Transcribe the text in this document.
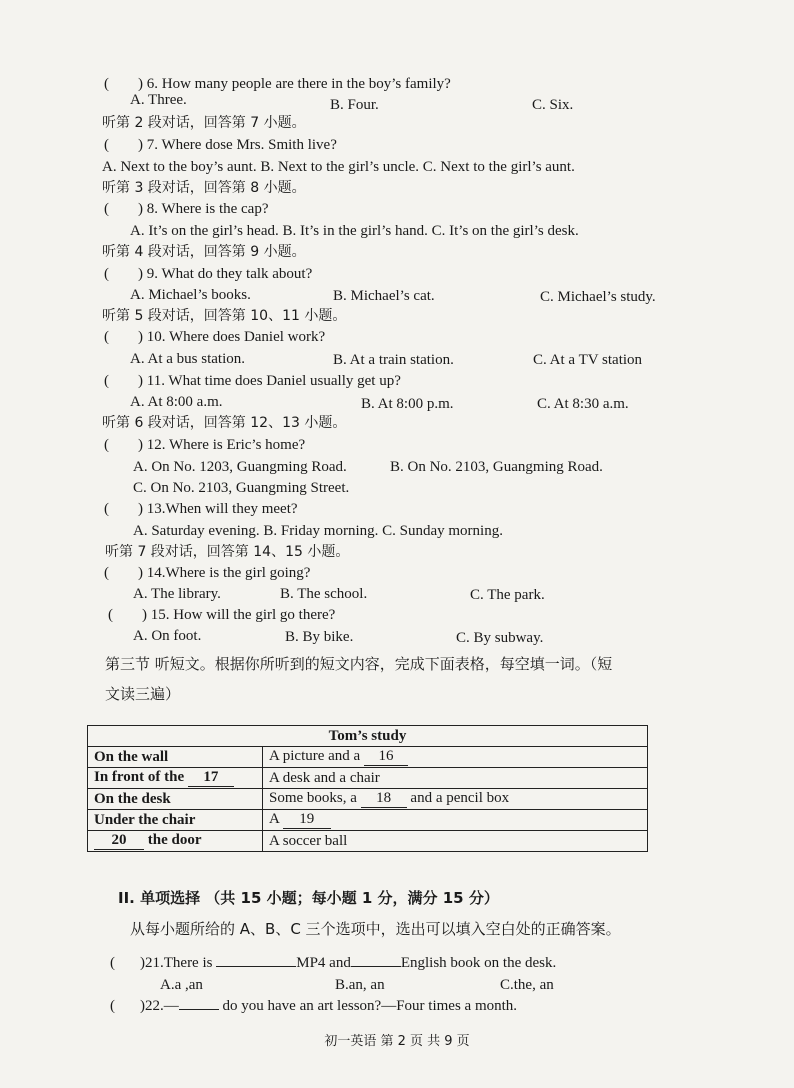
( ) 6. How many people are there in the boy’s family?
A. Three.	B. Four.	C. Six.
听第 2 段对话，回答第 7 小题。
( ) 7. Where dose Mrs. Smith live?
A. Next to the boy’s aunt. B. Next to the girl’s uncle. C. Next to the girl’s aunt.
听第 3 段对话，回答第 8 小题。
( ) 8. Where is the cap?
A. It’s on the girl’s head. B. It’s in the girl’s hand. C. It’s on the girl’s desk.
听第 4 段对话，回答第 9 小题。
( ) 9. What do they talk about?
A. Michael’s books.	B. Michael’s cat.	C. Michael’s study.
听第 5 段对话，回答第 10、11 小题。
( ) 10. Where does Daniel work?
A. At a bus station.	B. At a train station.	C. At a TV station
( ) 11. What time does Daniel usually get up?
A. At 8:00 a.m.	B. At 8:00 p.m.	C. At 8:30 a.m.
听第 6 段对话，回答第 12、13 小题。
( ) 12. Where is Eric’s home?
A. On No. 1203, Guangming Road.	B. On No. 2103, Guangming Road.
C. On No. 2103, Guangming Street.
( ) 13.When will they meet?
A. Saturday evening. B. Friday morning. C. Sunday morning.
听第 7 段对话，回答第 14、15 小题。
( ) 14.Where is the girl going?
A. The library.	B. The school.	C. The park.
( ) 15. How will the girl go there?
A. On foot.	B. By bike.	C. By subway.
第三节 听短文。根据你所听到的短文内容，完成下面表格，每空填一词。（短
文读三遍）
Tom’s study	
On the wall	A picture and a 16
In front of the 17	A desk and a chair
On the desk	Some books, a 18 and a pencil box
Under the chair	A 19
20 the door	A soccer ball
II. 单项选择 （共 15 小题；每小题 1 分，满分 15 分）
从每小题所给的 A、B、C 三个选项中，选出可以填入空白处的正确答案。
( )21.There is	MP4 and	English book on the desk.
A.a ,an	B.an, an	C.the, an
( )22.—	do you have an art lesson?—Four times a month.
初一英语 第 2 页 共 9 页
